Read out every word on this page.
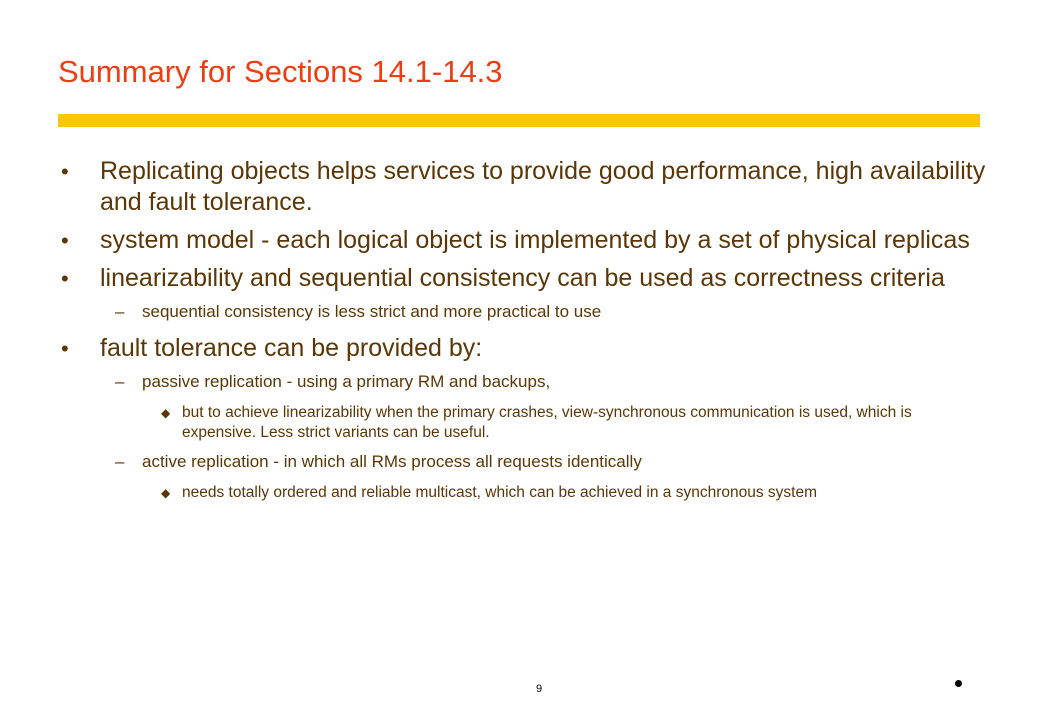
Summary for Sections 14.1-14.3
• Replicating objects helps services to provide good performance, high availability and fault tolerance.
• system model - each logical object is implemented by a set of physical replicas
• linearizability and sequential consistency can be used as correctness criteria
– sequential consistency is less strict and more practical to use
• fault tolerance can be provided by:
– passive replication - using a primary RM and backups,
◆ but to achieve linearizability when the primary crashes, view-synchronous communication is used, which is expensive. Less strict variants can be useful.
– active replication - in which all RMs process all requests identically
◆ needs totally ordered and reliable multicast, which can be achieved in a synchronous system
9
